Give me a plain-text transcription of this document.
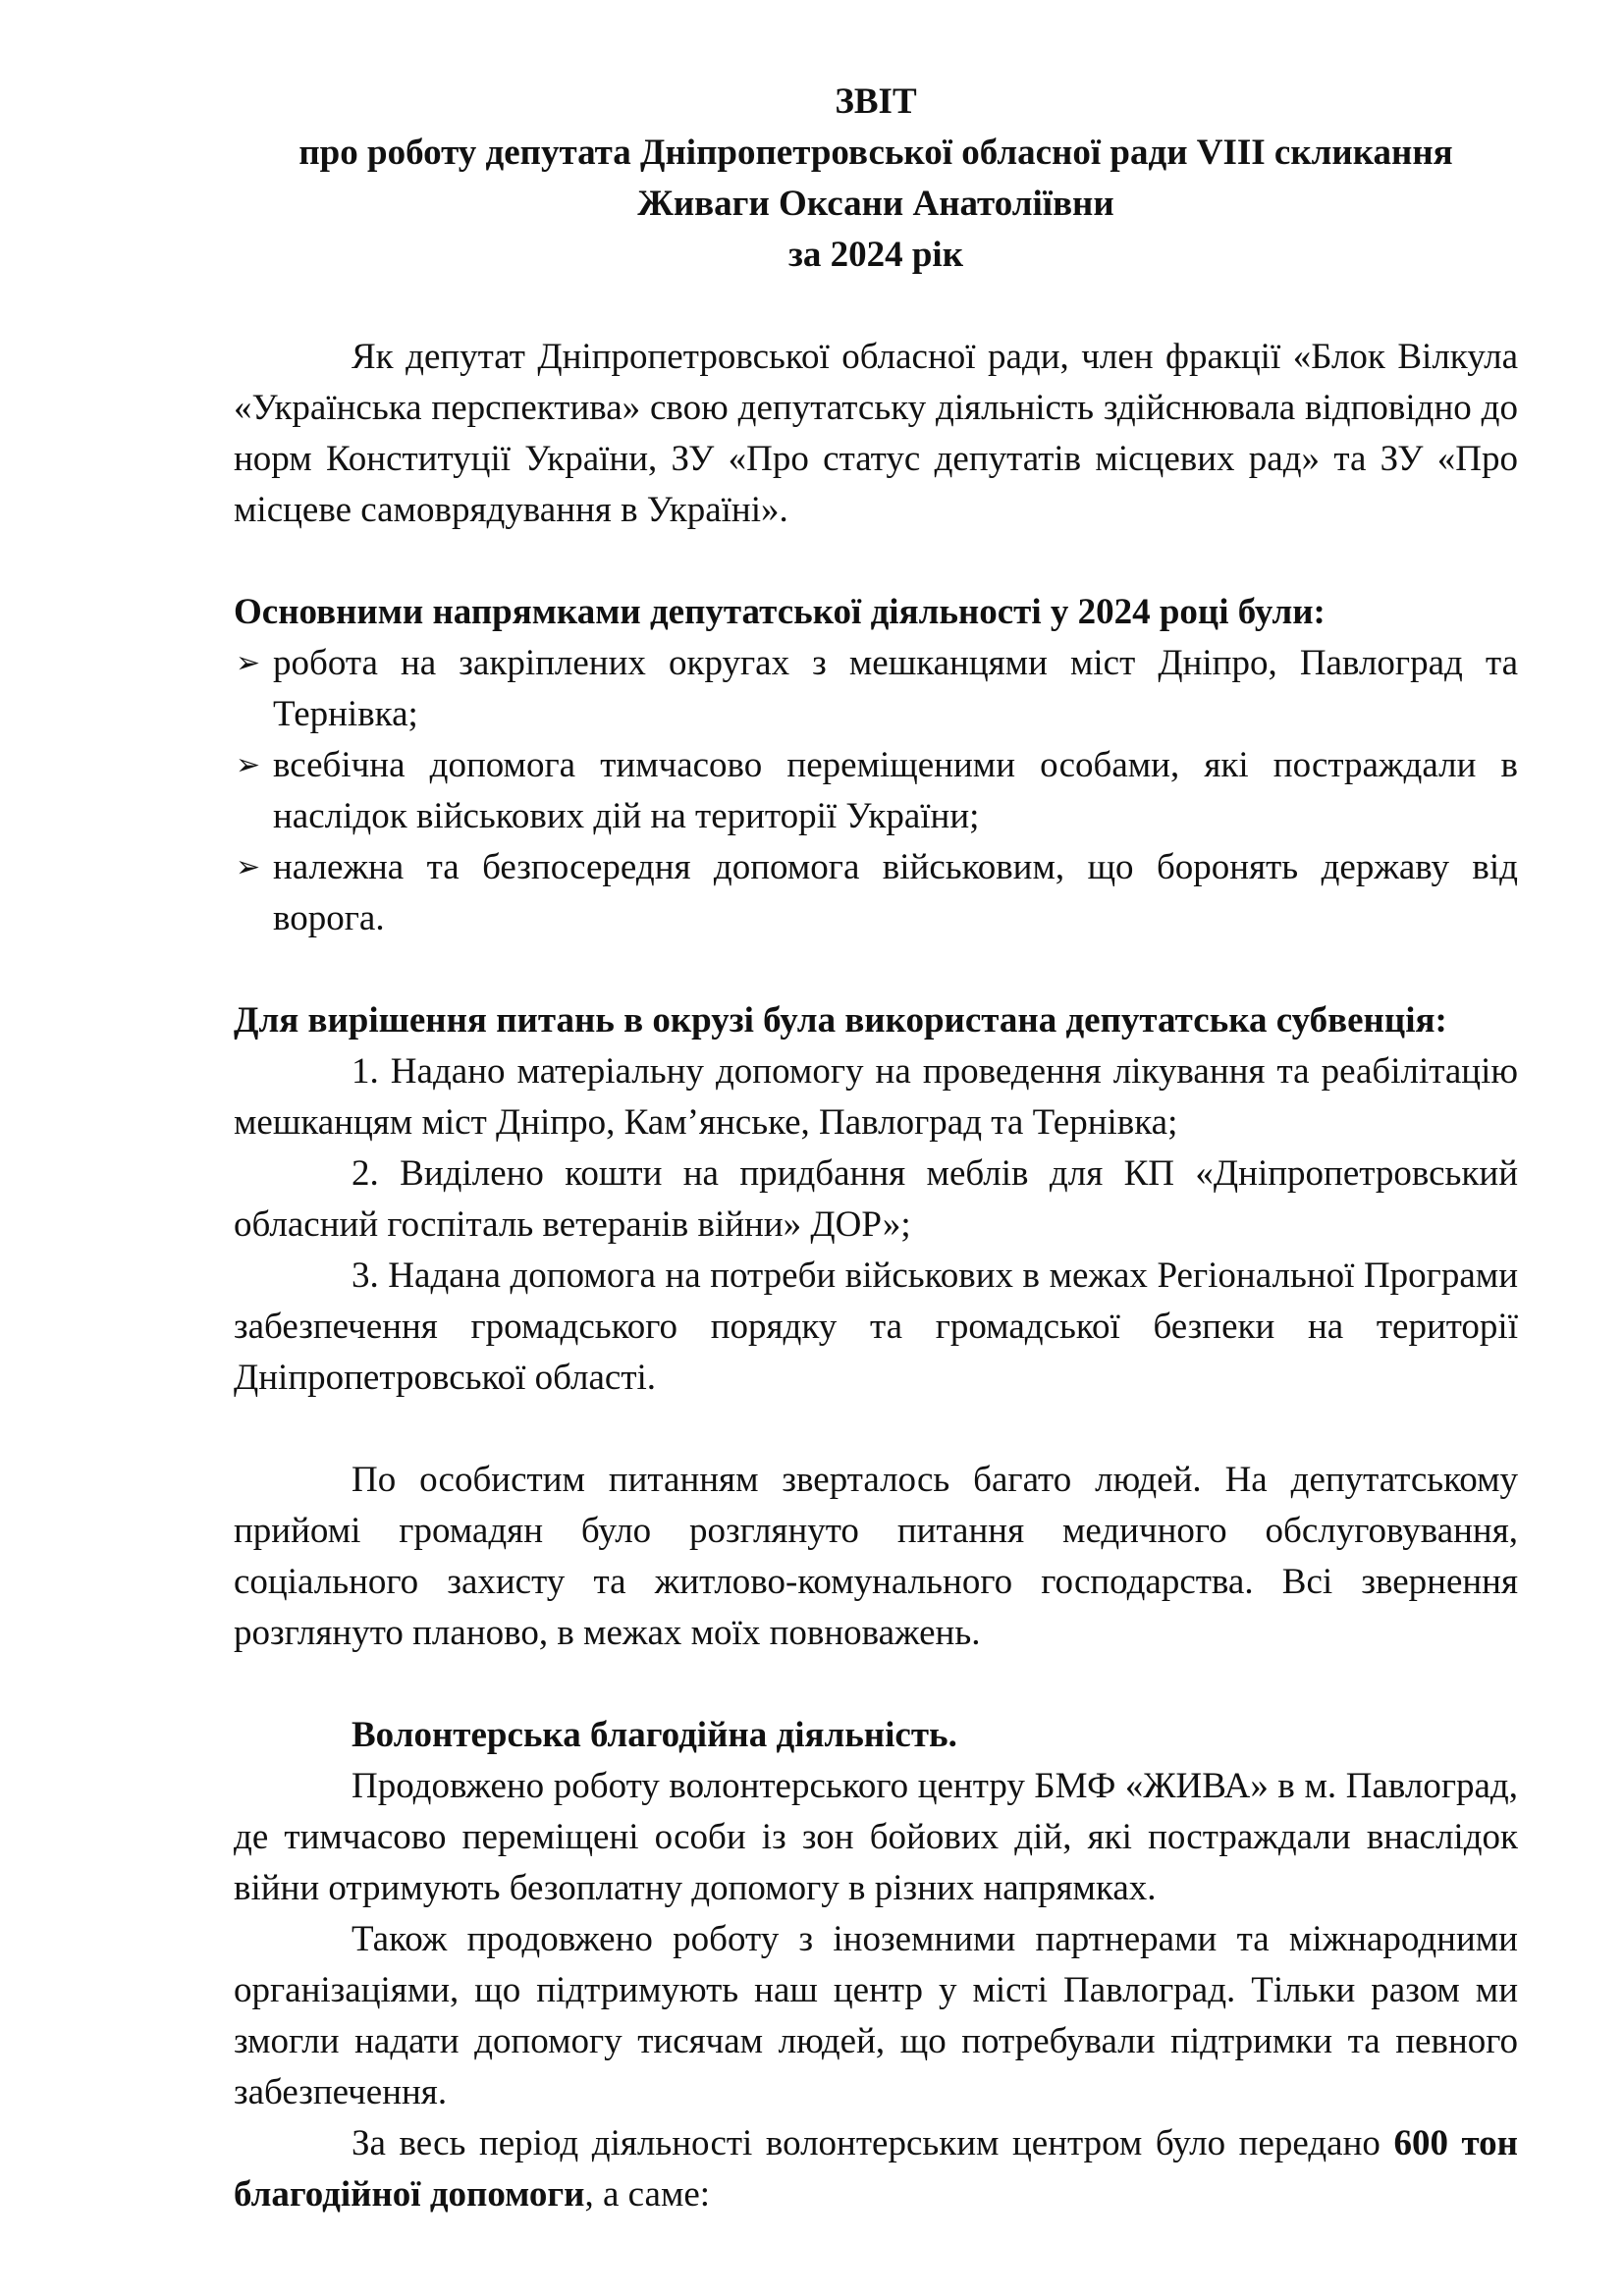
ЗВІТ
про роботу депутата Дніпропетровської обласної ради VIII скликання
Живаги Оксани Анатоліївни
за 2024 рік

Як депутат Дніпропетровської обласної ради, член фракції «Блок Вілкула «Українська перспектива» свою депутатську діяльність здійснювала відповідно до норм Конституції України, ЗУ «Про статус депутатів місцевих рад» та ЗУ «Про місцеве самоврядування в Україні».

Основними напрямками депутатської діяльності у 2024 році були:

➢ робота на закріплених округах з мешканцями міст Дніпро, Павлоград та Тернівка;
➢ всебічна допомога тимчасово переміщеними особами, які постраждали в наслідок військових дій на території України;
➢ належна та безпосередня допомога військовим, що боронять державу від ворога.

Для вирішення питань в окрузі була використана депутатська субвенція:

1. Надано матеріальну допомогу на проведення лікування та реабілітацію мешканцям міст Дніпро, Кам’янське, Павлоград та Тернівка;

2. Виділено кошти на придбання меблів для КП «Дніпропетровський обласний госпіталь ветеранів війни» ДОР»;

3. Надана допомога на потреби військових в межах Регіональної Програми забезпечення громадського порядку та громадської безпеки на території Дніпропетровської області.

По особистим питанням зверталось багато людей. На депутатському прийомі громадян було розглянуто питання медичного обслуговування, соціального захисту та житлово-комунального господарства. Всі звернення розглянуто планово, в межах моїх повноважень.

Волонтерська благодійна діяльність.

Продовжено роботу волонтерського центру БМФ «ЖИВА» в м. Павлоград, де тимчасово переміщені особи із зон бойових дій, які постраждали внаслідок війни отримують безоплатну допомогу в різних напрямках.

Також продовжено роботу з іноземними партнерами та міжнародними організаціями, що підтримують наш центр у місті Павлоград. Тільки разом ми змогли надати допомогу тисячам людей, що потребували підтримки та певного забезпечення.

За весь період діяльності волонтерським центром було передано 600 тон благодійної допомоги, а саме:
